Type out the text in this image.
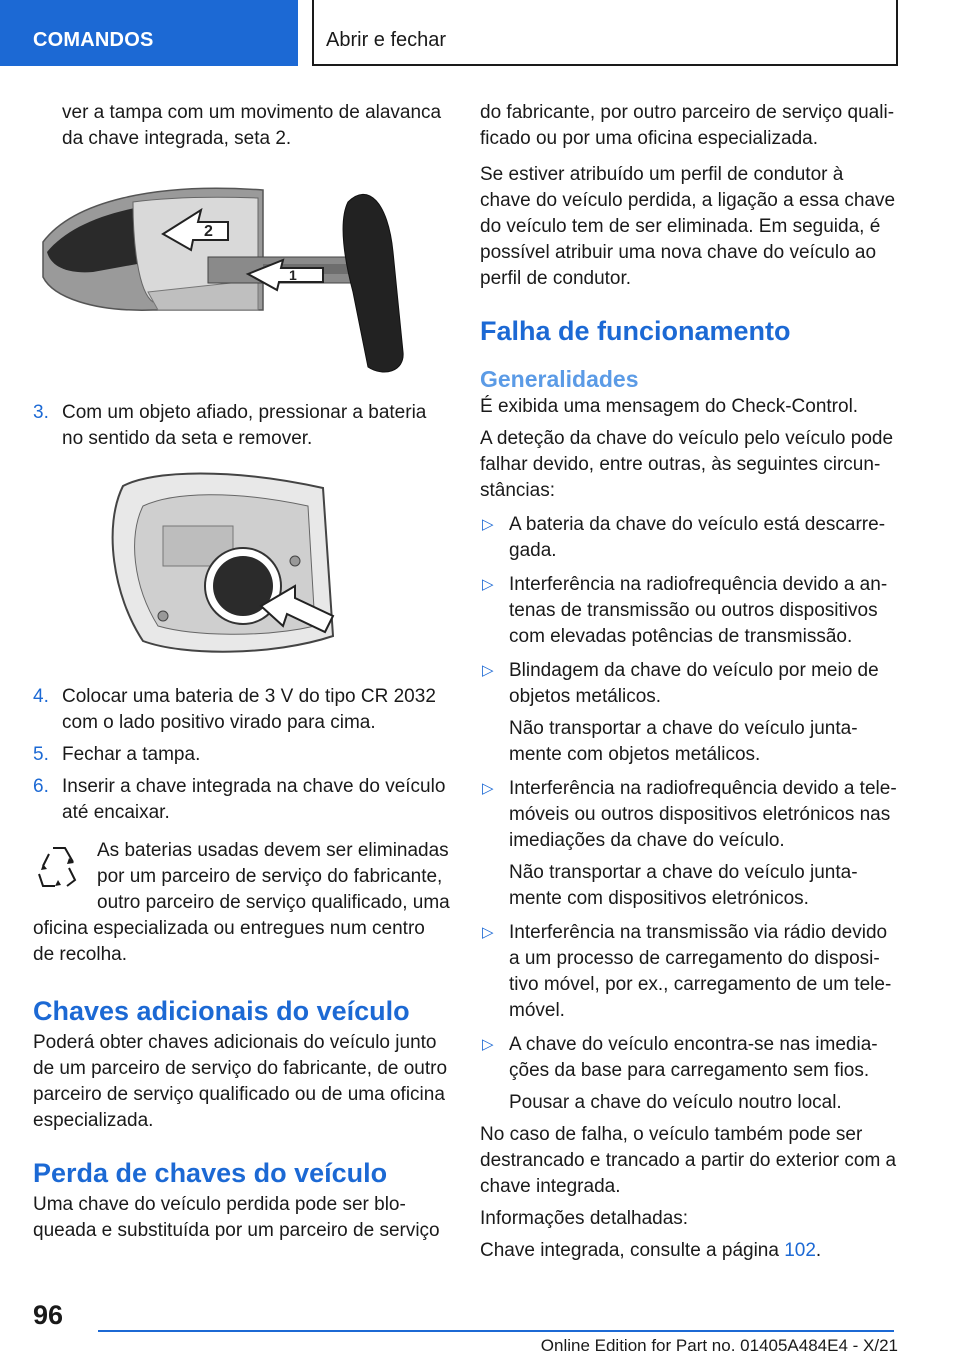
COMANDOS	Abrir e fechar

ver a tampa com um movimento de alavanca da chave integrada, seta 2.

2
1
3. Com um objeto afiado, pressionar a bateria no sentido da seta e remover.
4. Colocar uma bateria de 3 V do tipo CR 2032 com o lado positivo virado para cima.
5. Fechar a tampa.
6. Inserir a chave integrada na chave do veículo até encaixar.

As baterias usadas devem ser eliminadas por um parceiro de serviço do fabricante, outro parceiro de serviço qualificado, uma oficina especializada ou entregues num centro de recolha.

Chaves adicionais do veículo

Poderá obter chaves adicionais do veículo junto de um parceiro de serviço do fabricante, de outro parceiro de serviço qualificado ou de uma oficina especializada.

Perda de chaves do veículo

Uma chave do veículo perdida pode ser bloqueada e substituída por um parceiro de serviço

do fabricante, por outro parceiro de serviço qualificado ou por uma oficina especializada.

Se estiver atribuído um perfil de condutor à chave do veículo perdida, a ligação a essa chave do veículo tem de ser eliminada. Em seguida, é possível atribuir uma nova chave do veículo ao perfil de condutor.

Falha de funcionamento
Generalidades

É exibida uma mensagem do Check-Control.

A deteção da chave do veículo pelo veículo pode falhar devido, entre outras, às seguintes circunstâncias:

▷ A bateria da chave do veículo está descarregada.
▷ Interferência na radiofrequência devido a antenas de transmissão ou outros dispositivos com elevadas potências de transmissão.
▷ Blindagem da chave do veículo por meio de objetos metálicos.

Não transportar a chave do veículo juntamente com objetos metálicos.

▷ Interferência na radiofrequência devido a telemóveis ou outros dispositivos eletrónicos nas imediações da chave do veículo.

Não transportar a chave do veículo juntamente com dispositivos eletrónicos.

▷ Interferência na transmissão via rádio devido a um processo de carregamento do dispositivo móvel, por ex., carregamento de um telemóvel.
▷ A chave do veículo encontra-se nas imediações da base para carregamento sem fios.

Pousar a chave do veículo noutro local.

No caso de falha, o veículo também pode ser destrancado e trancado a partir do exterior com a chave integrada.

Informações detalhadas:

Chave integrada, consulte a página 102.

96
Online Edition for Part no. 01405A484E4 - X/21
